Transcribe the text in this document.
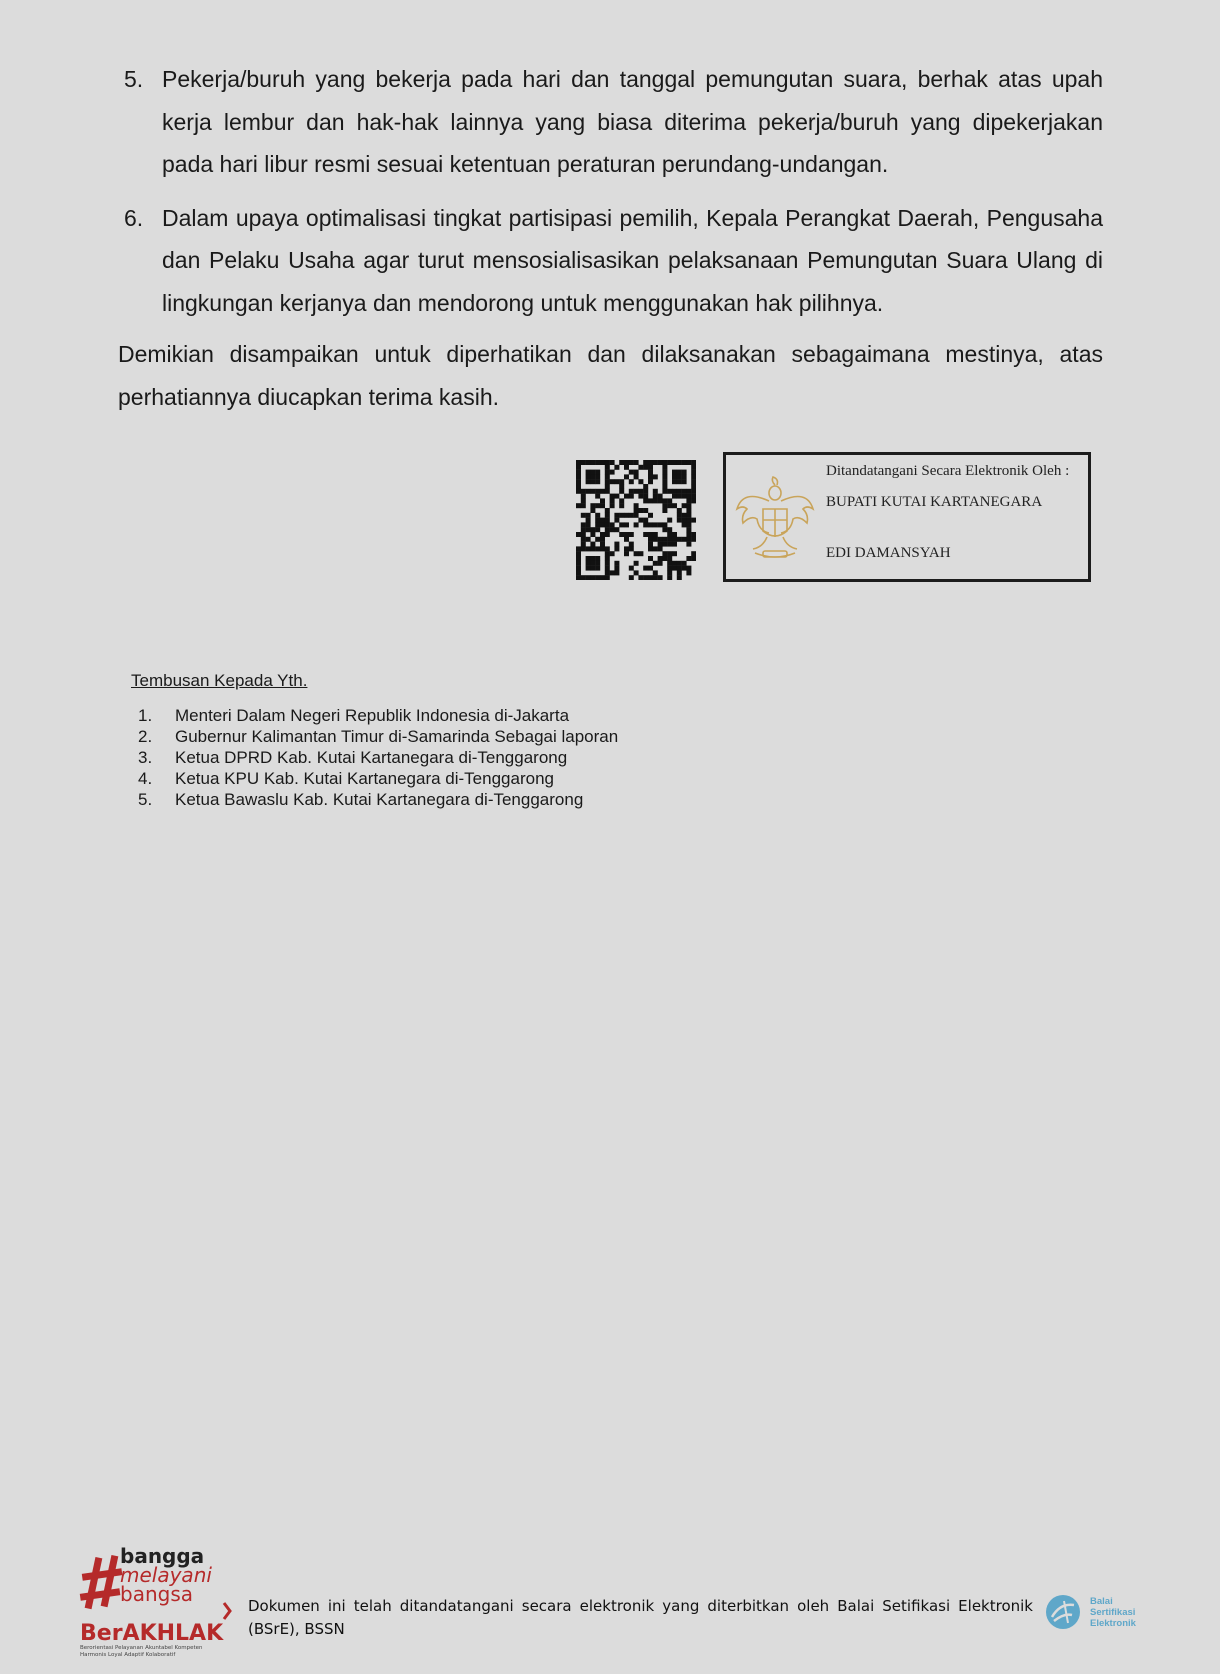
5. Pekerja/buruh yang bekerja pada hari dan tanggal pemungutan suara, berhak atas upah kerja lembur dan hak-hak lainnya yang biasa diterima pekerja/buruh yang dipekerjakan pada hari libur resmi sesuai ketentuan peraturan perundang-undangan.
6. Dalam upaya optimalisasi tingkat partisipasi pemilih, Kepala Perangkat Daerah, Pengusaha dan Pelaku Usaha agar turut mensosialisasikan pelaksanaan Pemungutan Suara Ulang di lingkungan kerjanya dan mendorong untuk menggunakan hak pilihnya.
Demikian disampaikan untuk diperhatikan dan dilaksanakan sebagaimana mestinya, atas perhatiannya diucapkan terima kasih.
Ditandatangani Secara Elektronik Oleh :
BUPATI KUTAI KARTANEGARA
EDI DAMANSYAH
Tembusan Kepada Yth.
1.	Menteri Dalam Negeri Republik Indonesia di-Jakarta
2.	Gubernur Kalimantan Timur di-Samarinda Sebagai laporan
3.	Ketua DPRD Kab. Kutai Kartanegara di-Tenggarong
4.	Ketua KPU Kab. Kutai Kartanegara di-Tenggarong
5.	Ketua Bawaslu Kab. Kutai Kartanegara di-Tenggarong
bangga
melayani
bangsa
BerAKHLAK
Berorientasi Pelayanan Akuntabel Kompeten
Harmonis Loyal Adaptif Kolaboratif
Dokumen ini telah ditandatangani secara elektronik yang diterbitkan oleh Balai Setifikasi Elektronik (BSrE), BSSN
Balai
Sertifikasi
Elektronik
